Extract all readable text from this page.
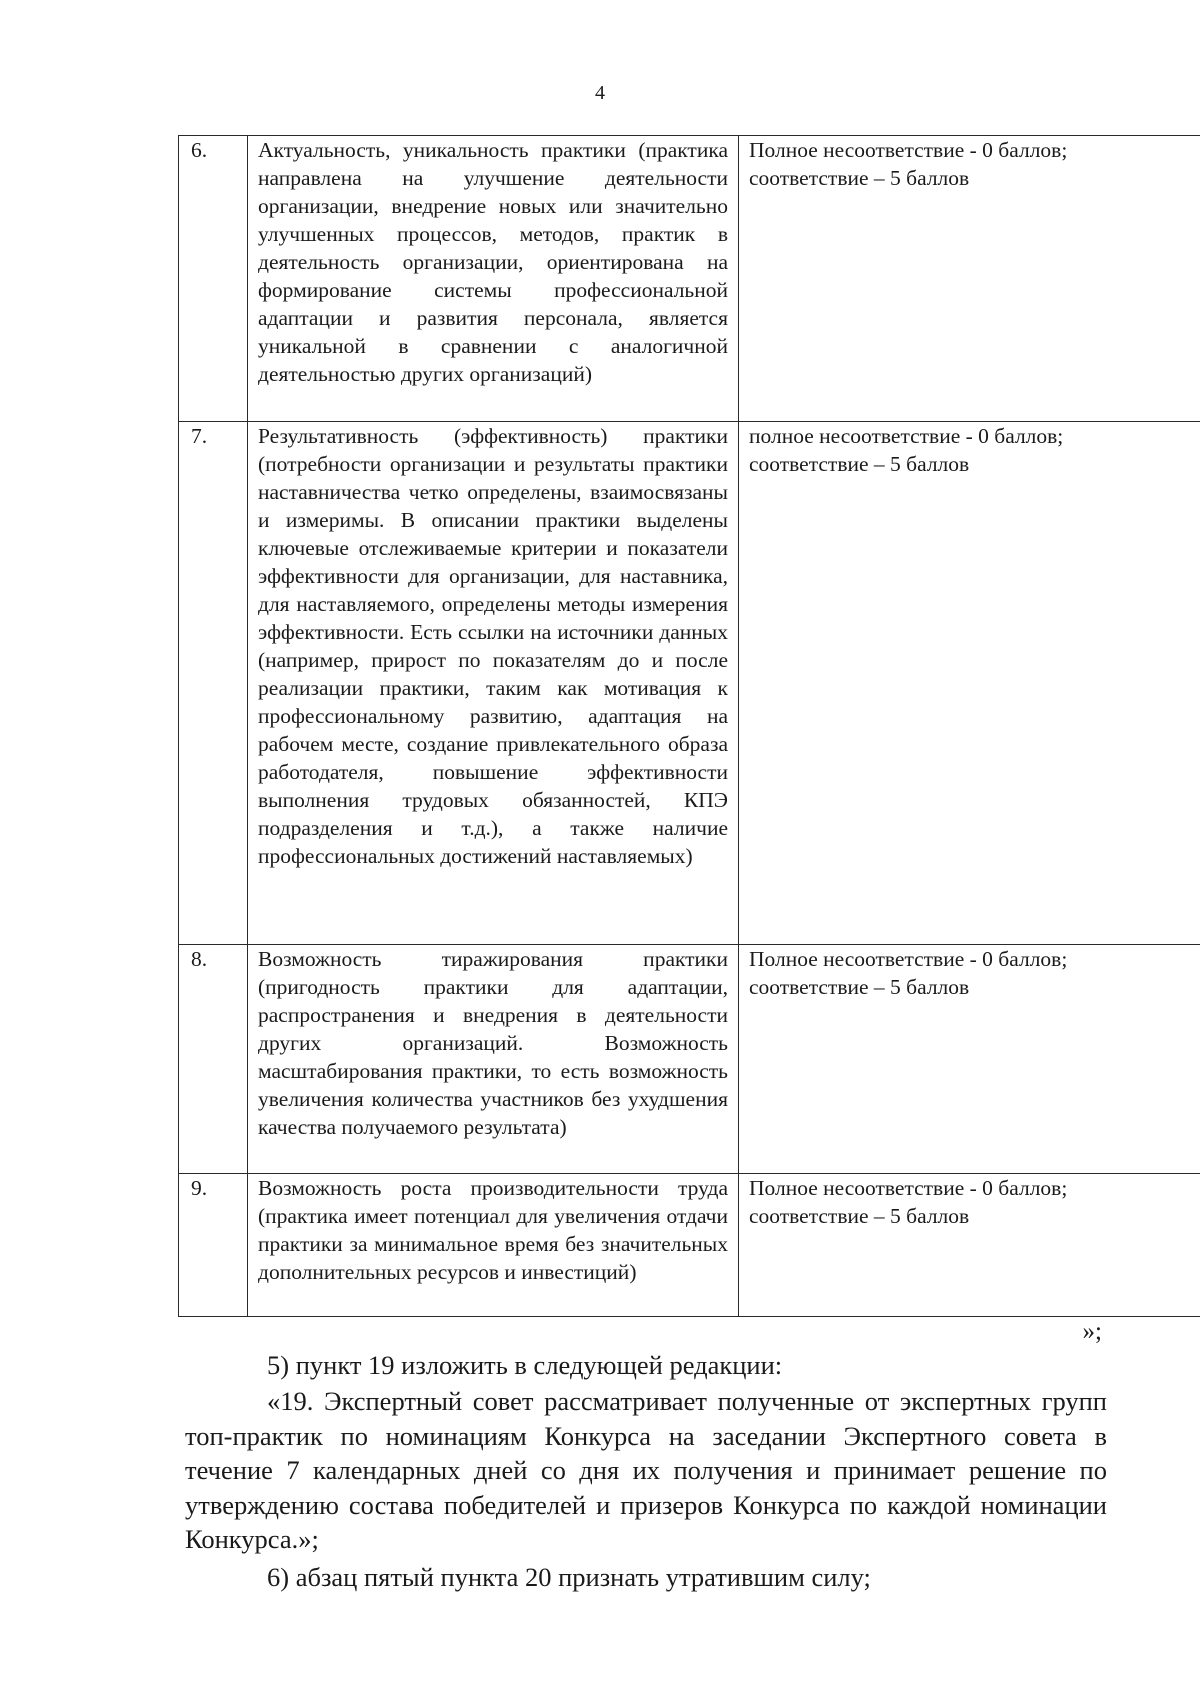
4
6.	Актуальность, уникальность практики (практика направлена на улучшение деятельности организации, внедрение новых или значительно улучшенных процессов, методов, практик в деятельность организации, ориентирована на формирование системы профессиональной адаптации и развития персонала, является уникальной в сравнении с аналогичной деятельностью других организаций)	Полное несоответствие - 0 баллов;

соответствие – 5 баллов

7.	Результативность (эффективность) практики (потребности организации и результаты практики наставничества четко определены, взаимосвязаны и измеримы. В описании практики выделены ключевые отслеживаемые критерии и показатели эффективности для организации, для наставника, для наставляемого, определены методы измерения эффективности. Есть ссылки на источники данных (например, прирост по показателям до и после реализации практики, таким как мотивация к профессиональному развитию, адаптация на рабочем месте, создание привлекательного образа работодателя, повышение эффективности выполнения трудовых обязанностей, КПЭ подразделения и т.д.), а также наличие профессиональных достижений наставляемых)	полное несоответствие - 0 баллов;

соответствие – 5 баллов

8.	Возможность тиражирования практики (пригодность практики для адаптации, распространения и внедрения в деятельности других организаций. Возможность масштабирования практики, то есть возможность увеличения количества участников без ухудшения качества получаемого результата)	Полное несоответствие - 0 баллов;

соответствие – 5 баллов

9.	Возможность роста производительности труда (практика имеет потенциал для увеличения отдачи практики за минимальное время без значительных дополнительных ресурсов и инвестиций)	Полное несоответствие - 0 баллов;

соответствие – 5 баллов

»;
5) пункт 19 изложить в следующей редакции:
«19. Экспертный совет рассматривает полученные от экспертных групп топ-практик по номинациям Конкурса на заседании Экспертного совета в течение 7 календарных дней со дня их получения и принимает решение по утверждению состава победителей и призеров Конкурса по каждой номинации Конкурса.»;
6) абзац пятый пункта 20 признать утратившим силу;
